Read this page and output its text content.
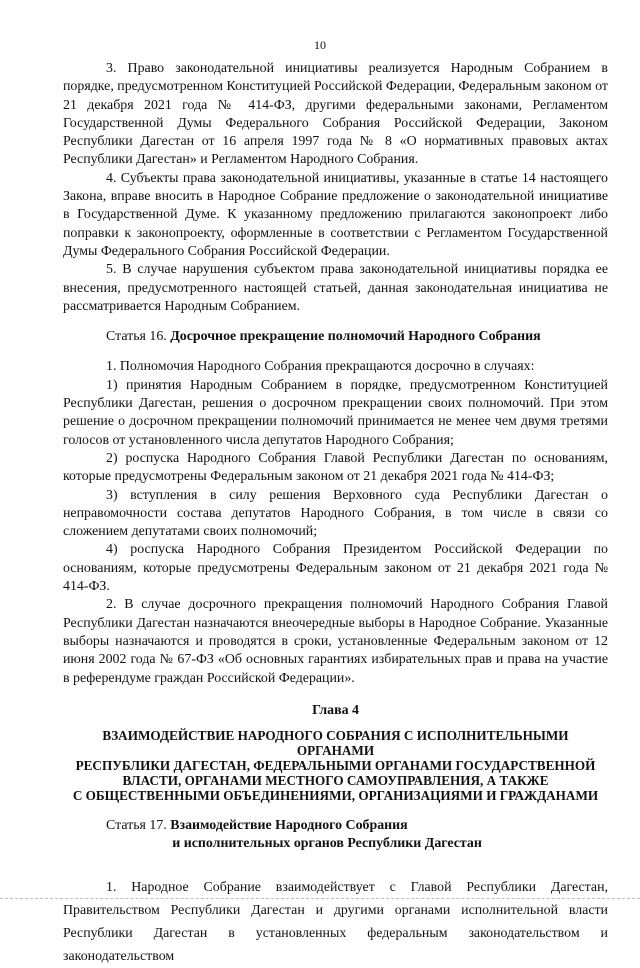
10

3. Право законодательной инициативы реализуется Народным Собранием в порядке, предусмотренном Конституцией Российской Федерации, Федеральным законом от 21 декабря 2021 года № 414-ФЗ, другими федеральными законами, Регламентом Государственной Думы Федерального Собрания Российской Федерации, Законом Республики Дагестан от 16 апреля 1997 года № 8 «О нормативных правовых актах Республики Дагестан» и Регламентом Народного Собрания.

4. Субъекты права законодательной инициативы, указанные в статье 14 настоящего Закона, вправе вносить в Народное Собрание предложение о законодательной инициативе в Государственной Думе. К указанному предложению прилагаются законопроект либо поправки к законопроекту, оформленные в соответствии с Регламентом Государственной Думы Федерального Собрания Российской Федерации.

5. В случае нарушения субъектом права законодательной инициативы порядка ее внесения, предусмотренного настоящей статьей, данная законодательная инициатива не рассматривается Народным Собранием.

Статья 16. Досрочное прекращение полномочий Народного Собрания

1. Полномочия Народного Собрания прекращаются досрочно в случаях:

1) принятия Народным Собранием в порядке, предусмотренном Конституцией Республики Дагестан, решения о досрочном прекращении своих полномочий. При этом решение о досрочном прекращении полномочий принимается не менее чем двумя третями голосов от установленного числа депутатов Народного Собрания;

2) роспуска Народного Собрания Главой Республики Дагестан по основаниям, которые предусмотрены Федеральным законом от 21 декабря 2021 года № 414-ФЗ;

3) вступления в силу решения Верховного суда Республики Дагестан о неправомочности состава депутатов Народного Собрания, в том числе в связи со сложением депутатами своих полномочий;

4) роспуска Народного Собрания Президентом Российской Федерации по основаниям, которые предусмотрены Федеральным законом от 21 декабря 2021 года № 414-ФЗ.

2. В случае досрочного прекращения полномочий Народного Собрания Главой Республики Дагестан назначаются внеочередные выборы в Народное Собрание. Указанные выборы назначаются и проводятся в сроки, установленные Федеральным законом от 12 июня 2002 года № 67-ФЗ «Об основных гарантиях избирательных прав и права на участие в референдуме граждан Российской Федерации».

Глава 4
ВЗАИМОДЕЙСТВИЕ НАРОДНОГО СОБРАНИЯ С ИСПОЛНИТЕЛЬНЫМИ ОРГАНАМИ
РЕСПУБЛИКИ ДАГЕСТАН, ФЕДЕРАЛЬНЫМИ ОРГАНАМИ ГОСУДАРСТВЕННОЙ
ВЛАСТИ, ОРГАНАМИ МЕСТНОГО САМОУПРАВЛЕНИЯ, А ТАКЖЕ
С ОБЩЕСТВЕННЫМИ ОБЪЕДИНЕНИЯМИ, ОРГАНИЗАЦИЯМИ И ГРАЖДАНАМИ
Статья 17. Взаимодействие Народного Собрания
и исполнительных органов Республики Дагестан

1. Народное Собрание взаимодействует с Главой Республики Дагестан, Правительством Республики Дагестан и другими органами исполнительной власти Республики Дагестан в установленных федеральным законодательством и законодательством
